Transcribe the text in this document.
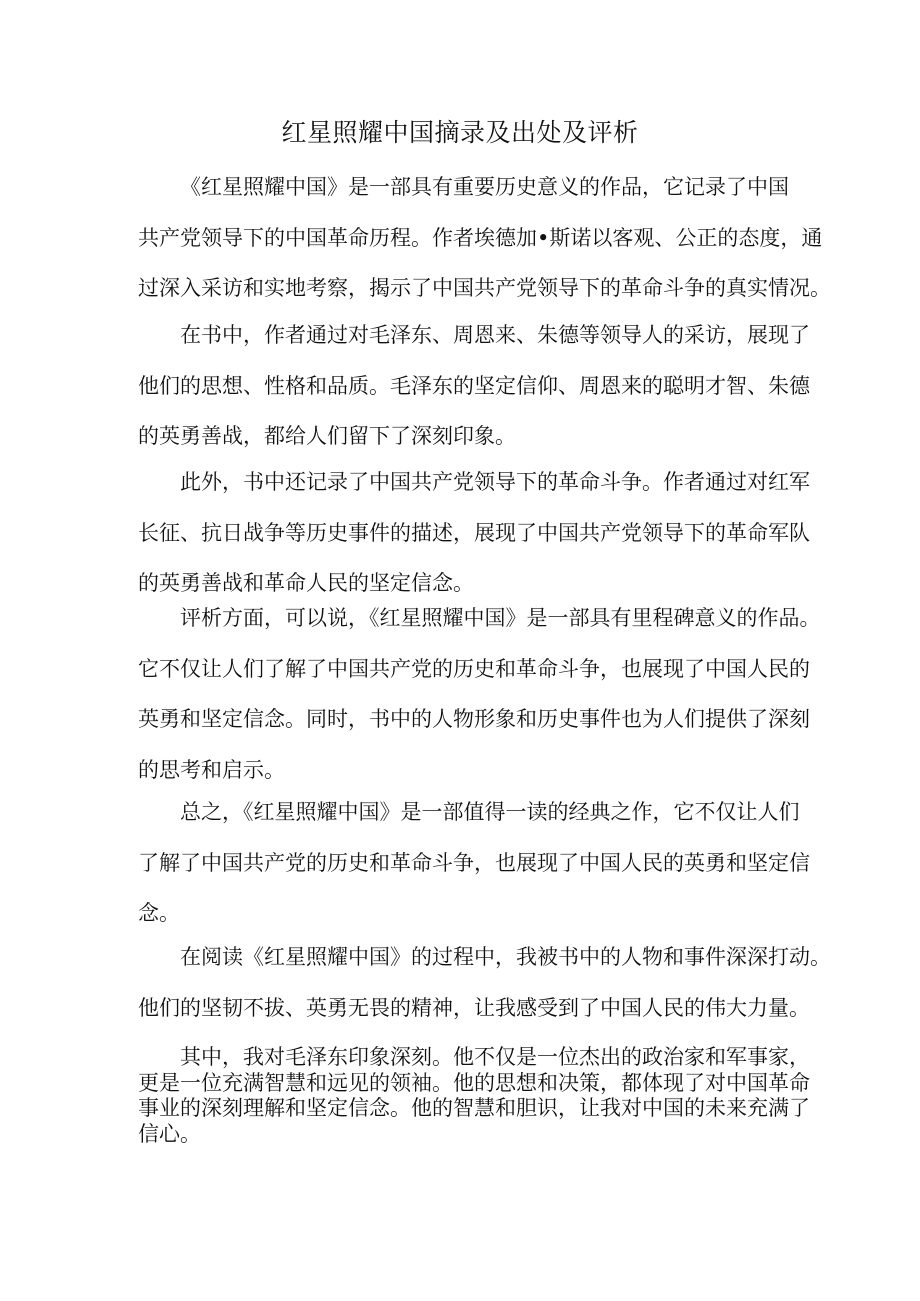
红星照耀中国摘录及出处及评析
《红星照耀中国》是一部具有重要历史意义的作品，它记录了中国
共产党领导下的中国革命历程。作者埃德加•斯诺以客观、公正的态度，通
过深入采访和实地考察，揭示了中国共产党领导下的革命斗争的真实情况。
在书中，作者通过对毛泽东、周恩来、朱德等领导人的采访，展现了
他们的思想、性格和品质。毛泽东的坚定信仰、周恩来的聪明才智、朱德
的英勇善战，都给人们留下了深刻印象。
此外，书中还记录了中国共产党领导下的革命斗争。作者通过对红军
长征、抗日战争等历史事件的描述，展现了中国共产党领导下的革命军队
的英勇善战和革命人民的坚定信念。
评析方面，可以说，《红星照耀中国》是一部具有里程碑意义的作品。
它不仅让人们了解了中国共产党的历史和革命斗争，也展现了中国人民的
英勇和坚定信念。同时，书中的人物形象和历史事件也为人们提供了深刻
的思考和启示。
总之，《红星照耀中国》是一部值得一读的经典之作，它不仅让人们
了解了中国共产党的历史和革命斗争，也展现了中国人民的英勇和坚定信
念。
在阅读《红星照耀中国》的过程中，我被书中的人物和事件深深打动。
他们的坚韧不拔、英勇无畏的精神，让我感受到了中国人民的伟大力量。
其中，我对毛泽东印象深刻。他不仅是一位杰出的政治家和军事家，
更是一位充满智慧和远见的领袖。他的思想和决策，都体现了对中国革命
事业的深刻理解和坚定信念。他的智慧和胆识，让我对中国的未来充满了
信心。
